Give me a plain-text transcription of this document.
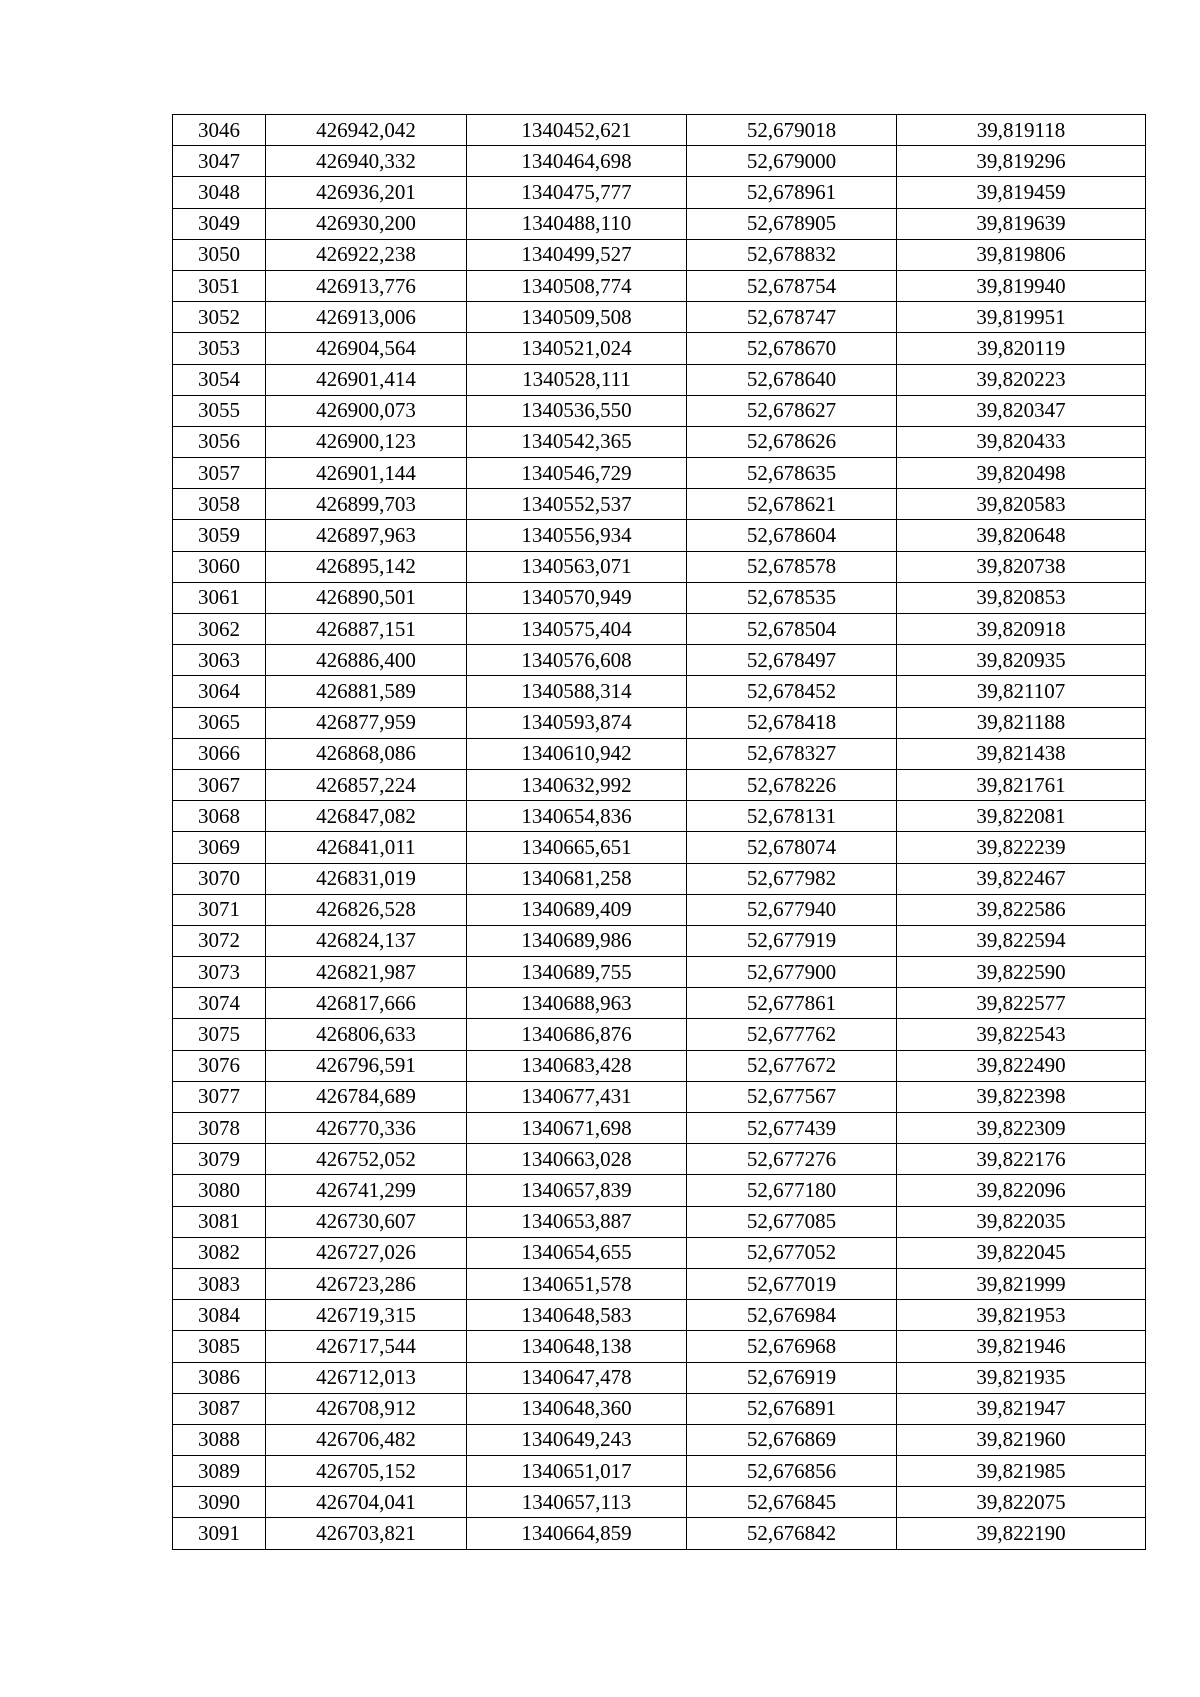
3046	426942,042	1340452,621	52,679018	39,819118
3047	426940,332	1340464,698	52,679000	39,819296
3048	426936,201	1340475,777	52,678961	39,819459
3049	426930,200	1340488,110	52,678905	39,819639
3050	426922,238	1340499,527	52,678832	39,819806
3051	426913,776	1340508,774	52,678754	39,819940
3052	426913,006	1340509,508	52,678747	39,819951
3053	426904,564	1340521,024	52,678670	39,820119
3054	426901,414	1340528,111	52,678640	39,820223
3055	426900,073	1340536,550	52,678627	39,820347
3056	426900,123	1340542,365	52,678626	39,820433
3057	426901,144	1340546,729	52,678635	39,820498
3058	426899,703	1340552,537	52,678621	39,820583
3059	426897,963	1340556,934	52,678604	39,820648
3060	426895,142	1340563,071	52,678578	39,820738
3061	426890,501	1340570,949	52,678535	39,820853
3062	426887,151	1340575,404	52,678504	39,820918
3063	426886,400	1340576,608	52,678497	39,820935
3064	426881,589	1340588,314	52,678452	39,821107
3065	426877,959	1340593,874	52,678418	39,821188
3066	426868,086	1340610,942	52,678327	39,821438
3067	426857,224	1340632,992	52,678226	39,821761
3068	426847,082	1340654,836	52,678131	39,822081
3069	426841,011	1340665,651	52,678074	39,822239
3070	426831,019	1340681,258	52,677982	39,822467
3071	426826,528	1340689,409	52,677940	39,822586
3072	426824,137	1340689,986	52,677919	39,822594
3073	426821,987	1340689,755	52,677900	39,822590
3074	426817,666	1340688,963	52,677861	39,822577
3075	426806,633	1340686,876	52,677762	39,822543
3076	426796,591	1340683,428	52,677672	39,822490
3077	426784,689	1340677,431	52,677567	39,822398
3078	426770,336	1340671,698	52,677439	39,822309
3079	426752,052	1340663,028	52,677276	39,822176
3080	426741,299	1340657,839	52,677180	39,822096
3081	426730,607	1340653,887	52,677085	39,822035
3082	426727,026	1340654,655	52,677052	39,822045
3083	426723,286	1340651,578	52,677019	39,821999
3084	426719,315	1340648,583	52,676984	39,821953
3085	426717,544	1340648,138	52,676968	39,821946
3086	426712,013	1340647,478	52,676919	39,821935
3087	426708,912	1340648,360	52,676891	39,821947
3088	426706,482	1340649,243	52,676869	39,821960
3089	426705,152	1340651,017	52,676856	39,821985
3090	426704,041	1340657,113	52,676845	39,822075
3091	426703,821	1340664,859	52,676842	39,822190
